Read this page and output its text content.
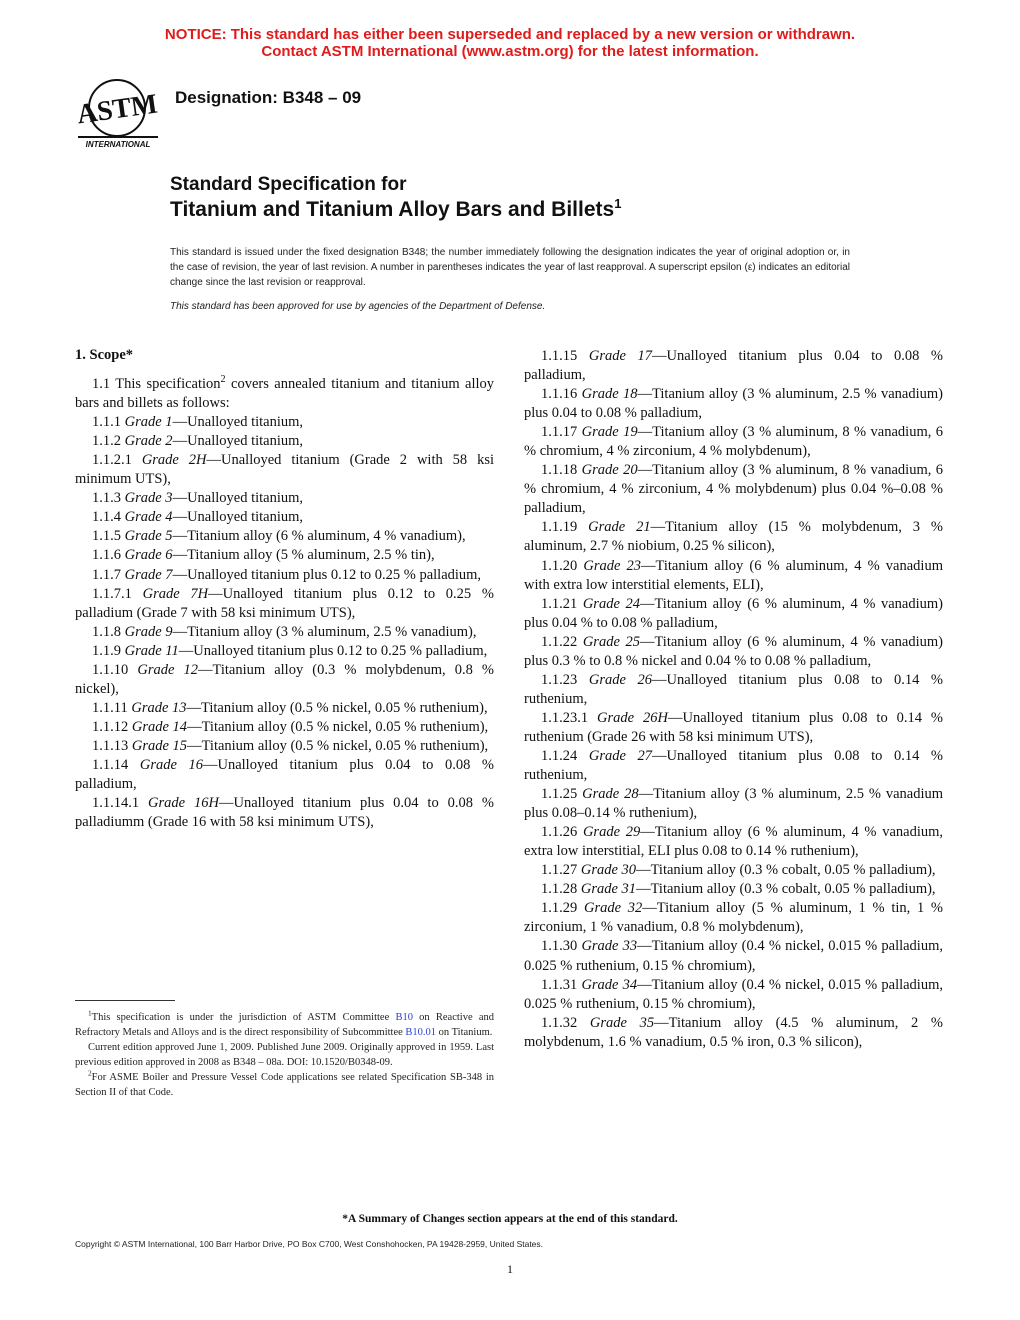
NOTICE: This standard has either been superseded and replaced by a new version or withdrawn.
Contact ASTM International (www.astm.org) for the latest information.
ASTM
INTERNATIONAL
Designation: B348 – 09
Standard Specification for
Titanium and Titanium Alloy Bars and Billets$^1$
This standard is issued under the fixed designation B348; the number immediately following the designation indicates the year of original adoption or, in the case of revision, the year of last revision. A number in parentheses indicates the year of last reapproval. A superscript epsilon (ε) indicates an editorial change since the last revision or reapproval.
This standard has been approved for use by agencies of the Department of Defense.
1. Scope*

1.1 This specification$^2$ covers annealed titanium and titanium alloy bars and billets as follows:

1.1.1 Grade 1—Unalloyed titanium,

1.1.2 Grade 2—Unalloyed titanium,

1.1.2.1 Grade 2H—Unalloyed titanium (Grade 2 with 58 ksi minimum UTS),

1.1.3 Grade 3—Unalloyed titanium,

1.1.4 Grade 4—Unalloyed titanium,

1.1.5 Grade 5—Titanium alloy (6 % aluminum, 4 % vanadium),

1.1.6 Grade 6—Titanium alloy (5 % aluminum, 2.5 % tin),

1.1.7 Grade 7—Unalloyed titanium plus 0.12 to 0.25 % palladium,

1.1.7.1 Grade 7H—Unalloyed titanium plus 0.12 to 0.25 % palladium (Grade 7 with 58 ksi minimum UTS),

1.1.8 Grade 9—Titanium alloy (3 % aluminum, 2.5 % vanadium),

1.1.9 Grade 11—Unalloyed titanium plus 0.12 to 0.25 % palladium,

1.1.10 Grade 12—Titanium alloy (0.3 % molybdenum, 0.8 % nickel),

1.1.11 Grade 13—Titanium alloy (0.5 % nickel, 0.05 % ruthenium),

1.1.12 Grade 14—Titanium alloy (0.5 % nickel, 0.05 % ruthenium),

1.1.13 Grade 15—Titanium alloy (0.5 % nickel, 0.05 % ruthenium),

1.1.14 Grade 16—Unalloyed titanium plus 0.04 to 0.08 % palladium,

1.1.14.1 Grade 16H—Unalloyed titanium plus 0.04 to 0.08 % palladiumm (Grade 16 with 58 ksi minimum UTS),

$^1$This specification is under the jurisdiction of ASTM Committee B10 on Reactive and Refractory Metals and Alloys and is the direct responsibility of Subcommittee B10.01 on Titanium.

Current edition approved June 1, 2009. Published June 2009. Originally approved in 1959. Last previous edition approved in 2008 as B348 – 08a. DOI: 10.1520/B0348-09.

$^2$For ASME Boiler and Pressure Vessel Code applications see related Specification SB-348 in Section II of that Code.

1.1.15 Grade 17—Unalloyed titanium plus 0.04 to 0.08 % palladium,

1.1.16 Grade 18—Titanium alloy (3 % aluminum, 2.5 % vanadium) plus 0.04 to 0.08 % palladium,

1.1.17 Grade 19—Titanium alloy (3 % aluminum, 8 % vanadium, 6 % chromium, 4 % zirconium, 4 % molybdenum),

1.1.18 Grade 20—Titanium alloy (3 % aluminum, 8 % vanadium, 6 % chromium, 4 % zirconium, 4 % molybdenum) plus 0.04 %–0.08 % palladium,

1.1.19 Grade 21—Titanium alloy (15 % molybdenum, 3 % aluminum, 2.7 % niobium, 0.25 % silicon),

1.1.20 Grade 23—Titanium alloy (6 % aluminum, 4 % vanadium with extra low interstitial elements, ELI),

1.1.21 Grade 24—Titanium alloy (6 % aluminum, 4 % vanadium) plus 0.04 % to 0.08 % palladium,

1.1.22 Grade 25—Titanium alloy (6 % aluminum, 4 % vanadium) plus 0.3 % to 0.8 % nickel and 0.04 % to 0.08 % palladium,

1.1.23 Grade 26—Unalloyed titanium plus 0.08 to 0.14 % ruthenium,

1.1.23.1 Grade 26H—Unalloyed titanium plus 0.08 to 0.14 % ruthenium (Grade 26 with 58 ksi minimum UTS),

1.1.24 Grade 27—Unalloyed titanium plus 0.08 to 0.14 % ruthenium,

1.1.25 Grade 28—Titanium alloy (3 % aluminum, 2.5 % vanadium plus 0.08–0.14 % ruthenium),

1.1.26 Grade 29—Titanium alloy (6 % aluminum, 4 % vanadium, extra low interstitial, ELI plus 0.08 to 0.14 % ruthenium),

1.1.27 Grade 30—Titanium alloy (0.3 % cobalt, 0.05 % palladium),

1.1.28 Grade 31—Titanium alloy (0.3 % cobalt, 0.05 % palladium),

1.1.29 Grade 32—Titanium alloy (5 % aluminum, 1 % tin, 1 % zirconium, 1 % vanadium, 0.8 % molybdenum),

1.1.30 Grade 33—Titanium alloy (0.4 % nickel, 0.015 % palladium, 0.025 % ruthenium, 0.15 % chromium),

1.1.31 Grade 34—Titanium alloy (0.4 % nickel, 0.015 % palladium, 0.025 % ruthenium, 0.15 % chromium),

1.1.32 Grade 35—Titanium alloy (4.5 % aluminum, 2 % molybdenum, 1.6 % vanadium, 0.5 % iron, 0.3 % silicon),

*A Summary of Changes section appears at the end of this standard.
Copyright © ASTM International, 100 Barr Harbor Drive, PO Box C700, West Conshohocken, PA 19428-2959, United States.
1
